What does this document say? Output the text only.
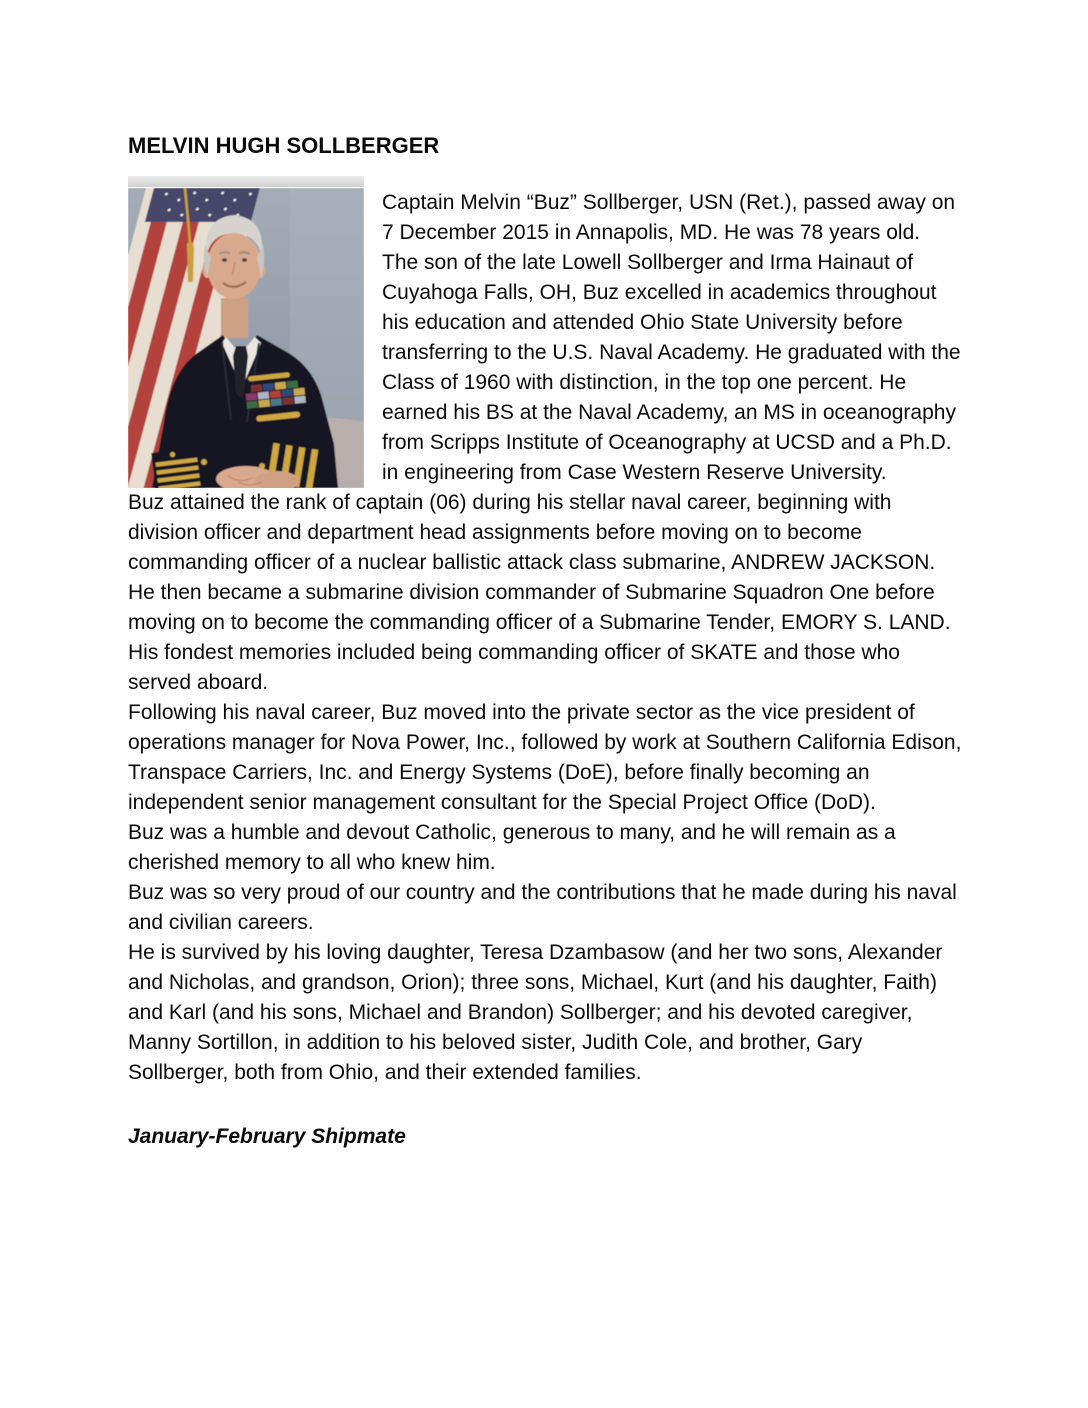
MELVIN HUGH SOLLBERGER

Captain Melvin “Buz” Sollberger, USN (Ret.), passed away on 7 December 2015 in Annapolis, MD. He was 78 years old.

The son of the late Lowell Sollberger and Irma Hainaut of Cuyahoga Falls, OH, Buz excelled in academics throughout his education and attended Ohio State University before transferring to the U.S. Naval Academy. He graduated with the Class of 1960 with distinction, in the top one percent. He earned his BS at the Naval Academy, an MS in oceanography from Scripps Institute of Oceanography at UCSD and a Ph.D. in engineering from Case Western Reserve University.

Buz attained the rank of captain (06) during his stellar naval career, beginning with division officer and department head assignments before moving on to become commanding officer of a nuclear ballistic attack class submarine, ANDREW JACKSON. He then became a submarine division commander of Submarine Squadron One before moving on to become the commanding officer of a Submarine Tender, EMORY S. LAND. His fondest memories included being commanding officer of SKATE and those who served aboard.

Following his naval career, Buz moved into the private sector as the vice president of operations manager for Nova Power, Inc., followed by work at Southern California Edison, Transpace Carriers, Inc. and Energy Systems (DoE), before finally becoming an independent senior management consultant for the Special Project Office (DoD).

Buz was a humble and devout Catholic, generous to many, and he will remain as a cherished memory to all who knew him.

Buz was so very proud of our country and the contributions that he made during his naval and civilian careers.

He is survived by his loving daughter, Teresa Dzambasow (and her two sons, Alexander and Nicholas, and grandson, Orion); three sons, Michael, Kurt (and his daughter, Faith) and Karl (and his sons, Michael and Brandon) Sollberger; and his devoted caregiver, Manny Sortillon, in addition to his beloved sister, Judith Cole, and brother, Gary Sollberger, both from Ohio, and their extended families.

January-February Shipmate
